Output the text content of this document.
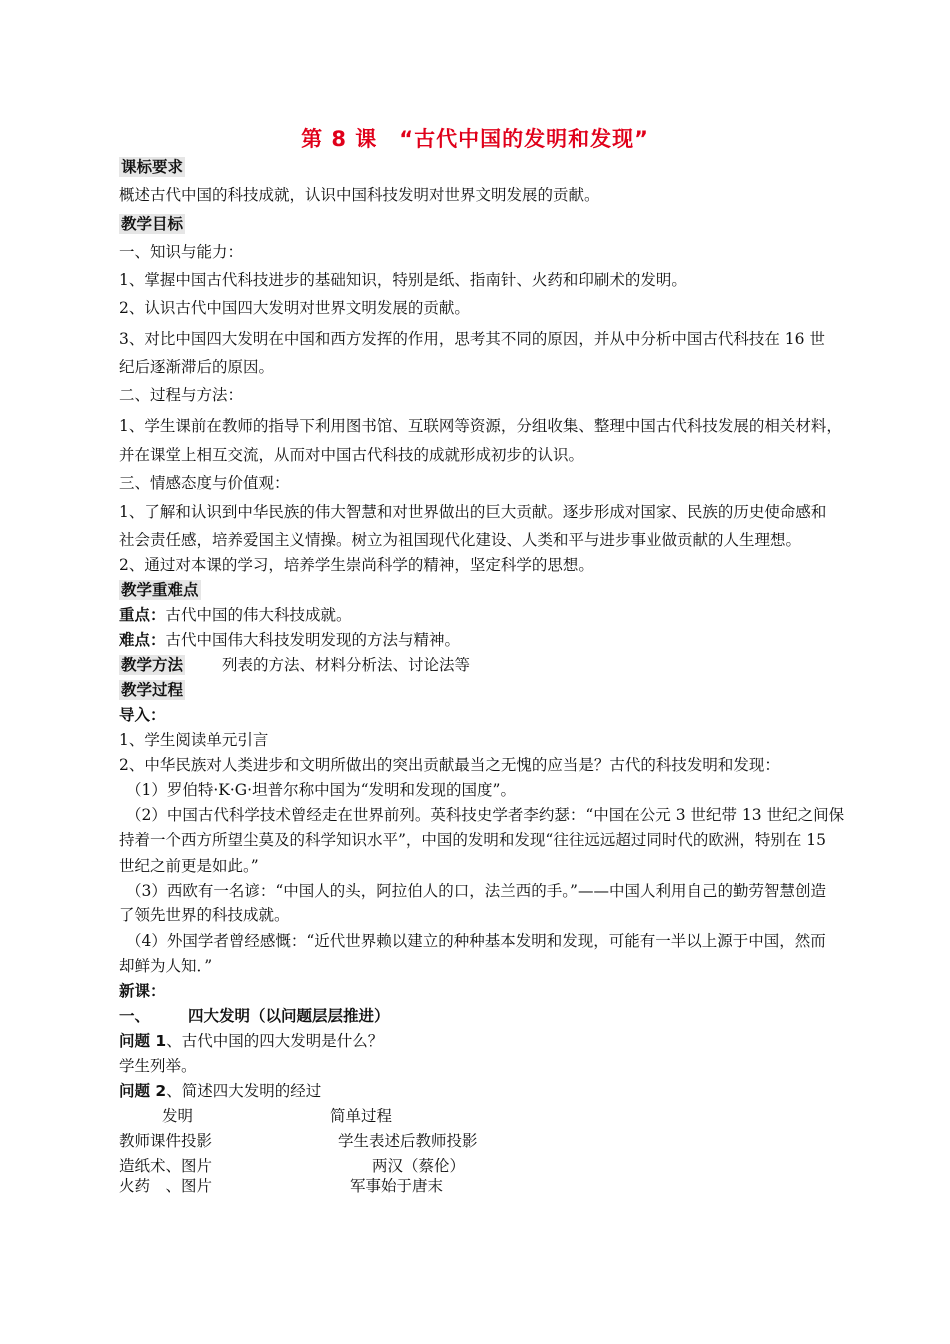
第 8 课　“古代中国的发明和发现”
课标要求
概述古代中国的科技成就，认识中国科技发明对世界文明发展的贡献。
教学目标
一、知识与能力：
1、掌握中国古代科技进步的基础知识，特别是纸、指南针、火药和印刷术的发明。
2、认识古代中国四大发明对世界文明发展的贡献。
3、对比中国四大发明在中国和西方发挥的作用，思考其不同的原因，并从中分析中国古代科技在 16 世
纪后逐渐滞后的原因。
二、过程与方法：
1、学生课前在教师的指导下利用图书馆、互联网等资源，分组收集、整理中国古代科技发展的相关材料，
并在课堂上相互交流，从而对中国古代科技的成就形成初步的认识。
三、情感态度与价值观：
1、了解和认识到中华民族的伟大智慧和对世界做出的巨大贡献。逐步形成对国家、民族的历史使命感和
社会责任感，培养爱国主义情操。树立为祖国现代化建设、人类和平与进步事业做贡献的人生理想。
2、通过对本课的学习，培养学生崇尚科学的精神，坚定科学的思想。
教学重难点
重点：古代中国的伟大科技成就。
难点：古代中国伟大科技发明发现的方法与精神。
教学方法	列表的方法、材料分析法、讨论法等
教学过程
导入：
1、学生阅读单元引言
2、中华民族对人类进步和文明所做出的突出贡献最当之无愧的应当是？古代的科技发明和发现：
（1）罗伯特·K·G·坦普尔称中国为“发明和发现的国度”。
（2）中国古代科学技术曾经走在世界前列。英科技史学者李约瑟：“中国在公元 3 世纪带 13 世纪之间保
持着一个西方所望尘莫及的科学知识水平”，中国的发明和发现“往往远远超过同时代的欧洲，特别在 15
世纪之前更是如此。”
（3）西欧有一名谚：“中国人的头，阿拉伯人的口，法兰西的手。”——中国人利用自己的勤劳智慧创造
了领先世界的科技成就。
（4）外国学者曾经感慨：“近代世界赖以建立的种种基本发明和发现，可能有一半以上源于中国，然而
却鲜为人知．”
新课：
一、 四大发明（以问题层层推进）
问题 1、古代中国的四大发明是什么？
学生列举。
问题 2、简述四大发明的经过
发明	简单过程
教师课件投影	学生表述后教师投影
造纸术、图片	两汉（蔡伦）
火药　、图片	军事始于唐末
